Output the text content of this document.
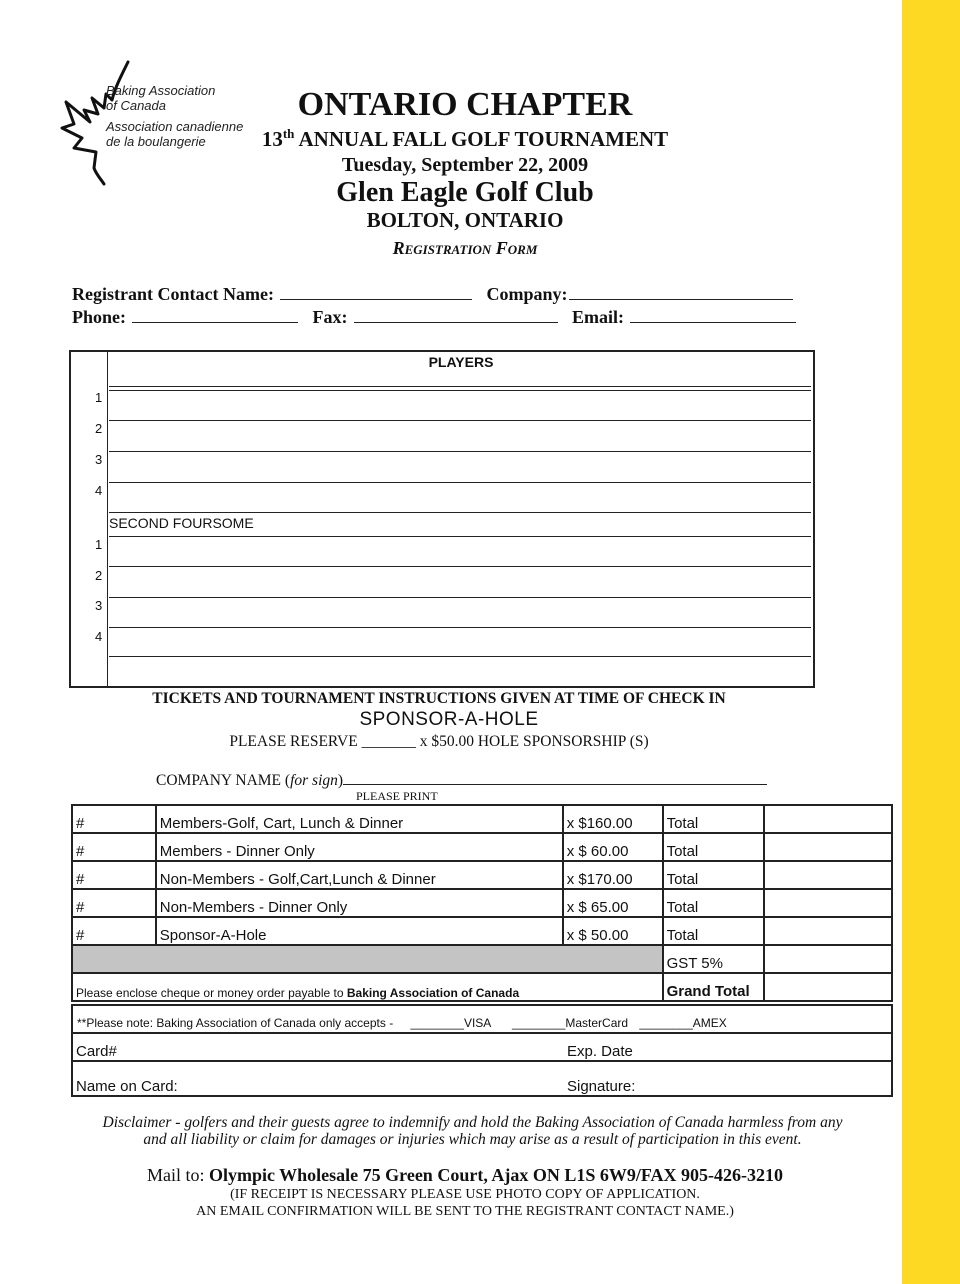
Baking Association
of Canada
Association canadienne
de la boulangerie
ONTARIO CHAPTER
13th ANNUAL FALL GOLF TOURNAMENT
Tuesday, September 22, 2009
Glen Eagle Golf Club
BOLTON, ONTARIO
Registration Form
Registrant Contact Name:	Company:
Phone:	Fax:	Email:
PLAYERS
1
2
3
4
SECOND FOURSOME
1
2
3
4
TICKETS AND TOURNAMENT INSTRUCTIONS GIVEN AT TIME OF CHECK IN
SPONSOR-A-HOLE
PLEASE RESERVE _______ x $50.00 HOLE SPONSORSHIP (S)
COMPANY NAME (for sign)
PLEASE PRINT
#	Members-Golf, Cart, Lunch & Dinner	x $160.00	Total	
#	Members - Dinner Only	x $ 60.00	Total	
#	Non-Members - Golf,Cart,Lunch & Dinner	x $170.00	Total	
#	Non-Members - Dinner Only	x $ 65.00	Total	
#	Sponsor-A-Hole	x $ 50.00	Total	
			GST 5%	
Please enclose cheque or money order payable to Baking Association of Canada			Grand Total	
**Please note: Baking Association of Canada only accepts - ________VISA ________MasterCard ________AMEX
Card#	Exp. Date
Name on Card:	Signature:
Disclaimer - golfers and their guests agree to indemnify and hold the Baking Association of Canada harmless from any
and all liability or claim for damages or injuries which may arise as a result of participation in this event.
Mail to: Olympic Wholesale 75 Green Court, Ajax ON L1S 6W9/FAX 905-426-3210
(IF RECEIPT IS NECESSARY PLEASE USE PHOTO COPY OF APPLICATION.
AN EMAIL CONFIRMATION WILL BE SENT TO THE REGISTRANT CONTACT NAME.)
